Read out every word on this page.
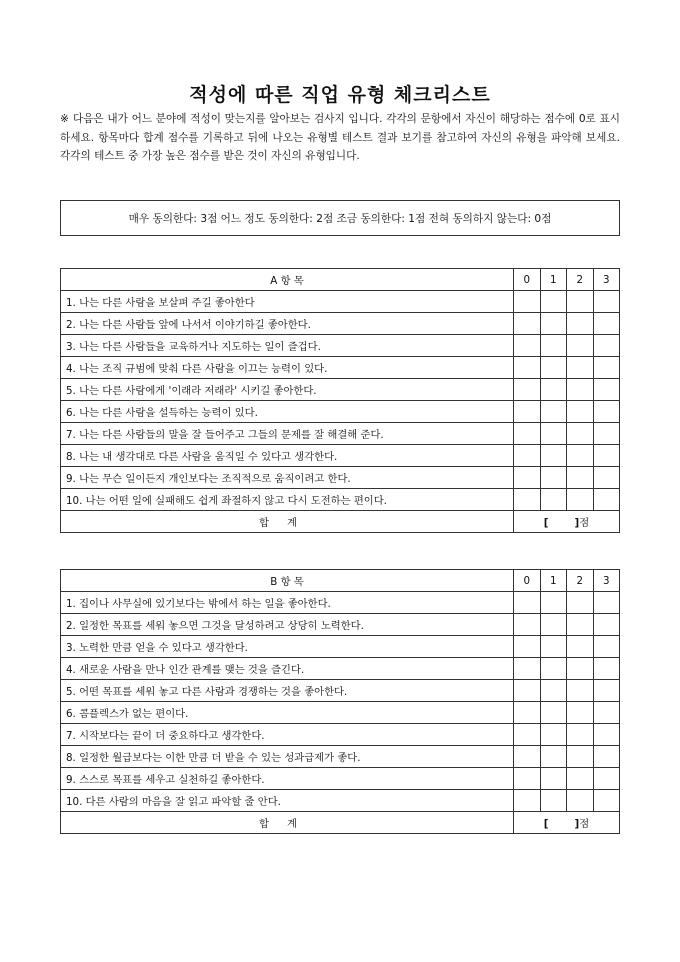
적성에 따른 직업 유형 체크리스트
※ 다음은 내가 어느 분야에 적성이 맞는지를 알아보는 검사지 입니다. 각각의 문항에서 자신이 해당하는 점수에 0로 표시하세요. 항목마다 합계 점수를 기록하고 뒤에 나오는 유형별 테스트 결과 보기를 참고하여 자신의 유형을 파악해 보세요. 각각의 테스트 중 가장 높은 점수를 받은 것이 자신의 유형입니다.
매우 동의한다: 3점 어느 정도 동의한다: 2점 조금 동의한다: 1점 전혀 동의하지 않는다: 0점
A 항 목	0	1	2	3
1. 나는 다른 사람을 보살펴 주길 좋아한다				
2. 나는 다른 사람들 앞에 나서서 이야기하길 좋아한다.				
3. 나는 다른 사람들을 교육하거나 지도하는 일이 즐겁다.				
4. 나는 조직 규범에 맞춰 다른 사람을 이끄는 능력이 있다.				
5. 나는 다른 사람에게 '이래라 저래라' 시키길 좋아한다.				
6. 나는 다른 사람을 설득하는 능력이 있다.				
7. 나는 다른 사람들의 말을 잘 들어주고 그들의 문제를 잘 해결해 준다.				
8. 나는 내 생각대로 다른 사람을 움직일 수 있다고 생각한다.				
9. 나는 무슨 일이든지 개인보다는 조직적으로 움직이려고 한다.				
10. 나는 어떤 일에 실패해도 쉽게 좌절하지 않고 다시 도전하는 편이다.				
합계	[ ]점			
B 항 목	0	1	2	3
1. 집이나 사무실에 있기보다는 밖에서 하는 일을 좋아한다.				
2. 일정한 목표를 세워 놓으면 그것을 달성하려고 상당히 노력한다.				
3. 노력한 만큼 얻을 수 있다고 생각한다.				
4. 새로운 사람을 만나 인간 관계를 맺는 것을 즐긴다.				
5. 어떤 목표를 세워 놓고 다른 사람과 경쟁하는 것을 좋아한다.				
6. 콤플렉스가 없는 편이다.				
7. 시작보다는 끝이 더 중요하다고 생각한다.				
8. 일정한 월급보다는 이한 만큼 더 받을 수 있는 성과급제가 좋다.				
9. 스스로 목표를 세우고 실천하길 좋아한다.				
10. 다른 사람의 마음을 잘 읽고 파악할 줄 안다.				
합계	[ ]점			
